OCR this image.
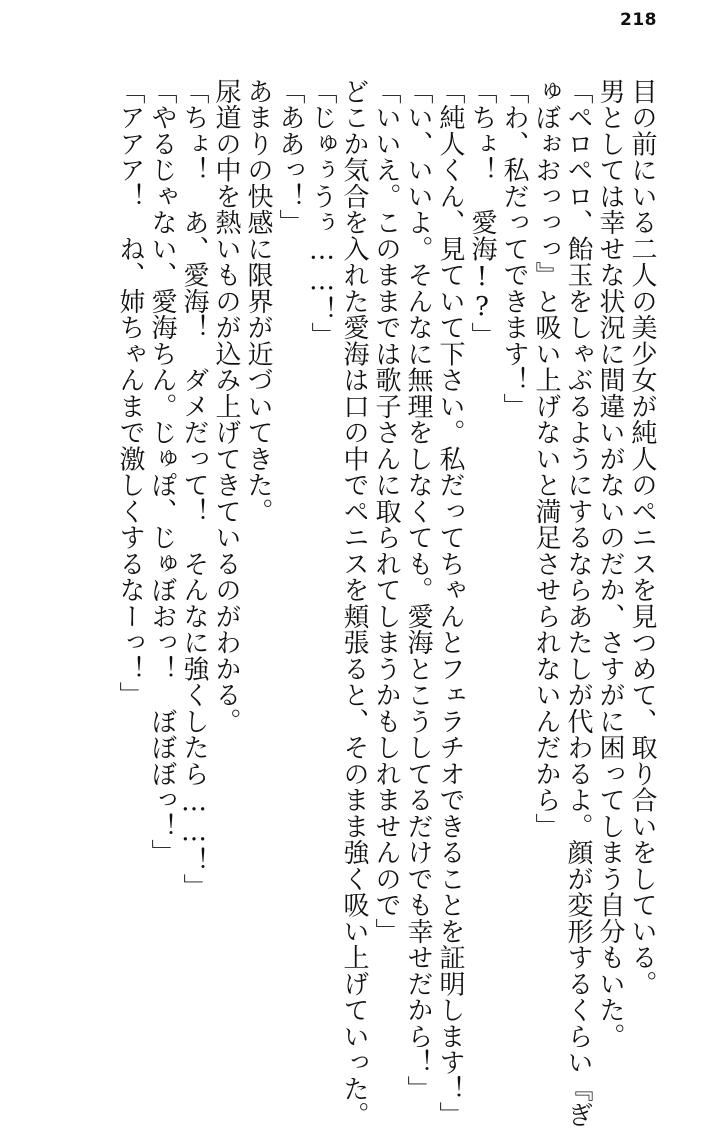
218

目の前にいる二人の美少女が純人のペニスを見つめて、取り合いをしている。

男としては幸せな状況に間違いがないのだか、さすがに困ってしまう自分もいた。

「ペロペロ、飴玉をしゃぶるようにするならあたしが代わるよ。顔が変形するくらい『ぎ

ゅぼぉおっっっ』と吸い上げないと満足させられないんだから」

「わ、私だってできます！」

「ちょ！　愛海!?」

「純人くん、見ていて下さい。私だってちゃんとフェラチオできることを証明します！」

「い、いいよ。そんなに無理をしなくても。愛海とこうしてるだけでも幸せだから！」

「いいえ。このままでは歌子さんに取られてしまうかもしれませんので」

どこか気合を入れた愛海は口の中でペニスを頬張ると、そのまま強く吸い上げていった。

「じゅぅうぅ……！」

「ああっ！」

あまりの快感に限界が近づいてきた。

尿道の中を熱いものが込み上げてきているのがわかる。

「ちょ！　あ、愛海！　ダメだって！　そんなに強くしたら……！」

「やるじゃない、愛海ちん。じゅぽ、じゅぼおっ！　ぼぼぼっ！」

「アアア！　ね、姉ちゃんまで激しくするなーっ！」
